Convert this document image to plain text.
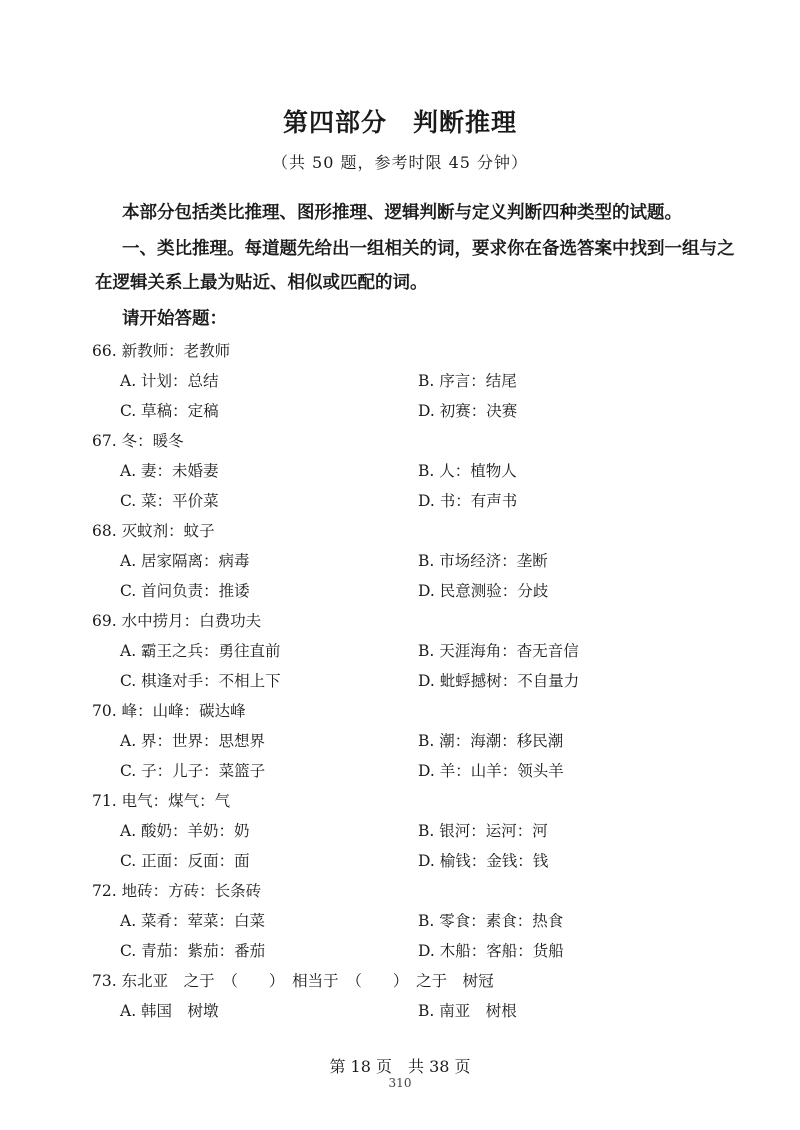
第四部分　判断推理
（共 50 题，参考时限 45 分钟）
本部分包括类比推理、图形推理、逻辑判断与定义判断四种类型的试题。
一、类比推理。每道题先给出一组相关的词，要求你在备选答案中找到一组与之在逻辑关系上最为贴近、相似或匹配的词。
请开始答题：
66. 新教师：老教师
A. 计划：总结	B. 序言：结尾
C. 草稿：定稿	D. 初赛：决赛
67. 冬：暖冬
A. 妻：未婚妻	B. 人：植物人
C. 菜：平价菜	D. 书：有声书
68. 灭蚊剂：蚊子
A. 居家隔离：病毒	B. 市场经济：垄断
C. 首问负责：推诿	D. 民意测验：分歧
69. 水中捞月：白费功夫
A. 霸王之兵：勇往直前	B. 天涯海角：杳无音信
C. 棋逢对手：不相上下	D. 蚍蜉撼树：不自量力
70. 峰：山峰：碳达峰
A. 界：世界：思想界	B. 潮：海潮：移民潮
C. 子：儿子：菜篮子	D. 羊：山羊：领头羊
71. 电气：煤气：气
A. 酸奶：羊奶：奶	B. 银河：运河：河
C. 正面：反面：面	D. 榆钱：金钱：钱
72. 地砖：方砖：长条砖
A. 菜肴：荤菜：白菜	B. 零食：素食：热食
C. 青茄：紫茄：番茄	D. 木船：客船：货船
73. 东北亚　之于　（　　）　相当于　（　　）　之于　树冠
A. 韩国　树墩	B. 南亚　树根
第 18 页　共 38 页
310
